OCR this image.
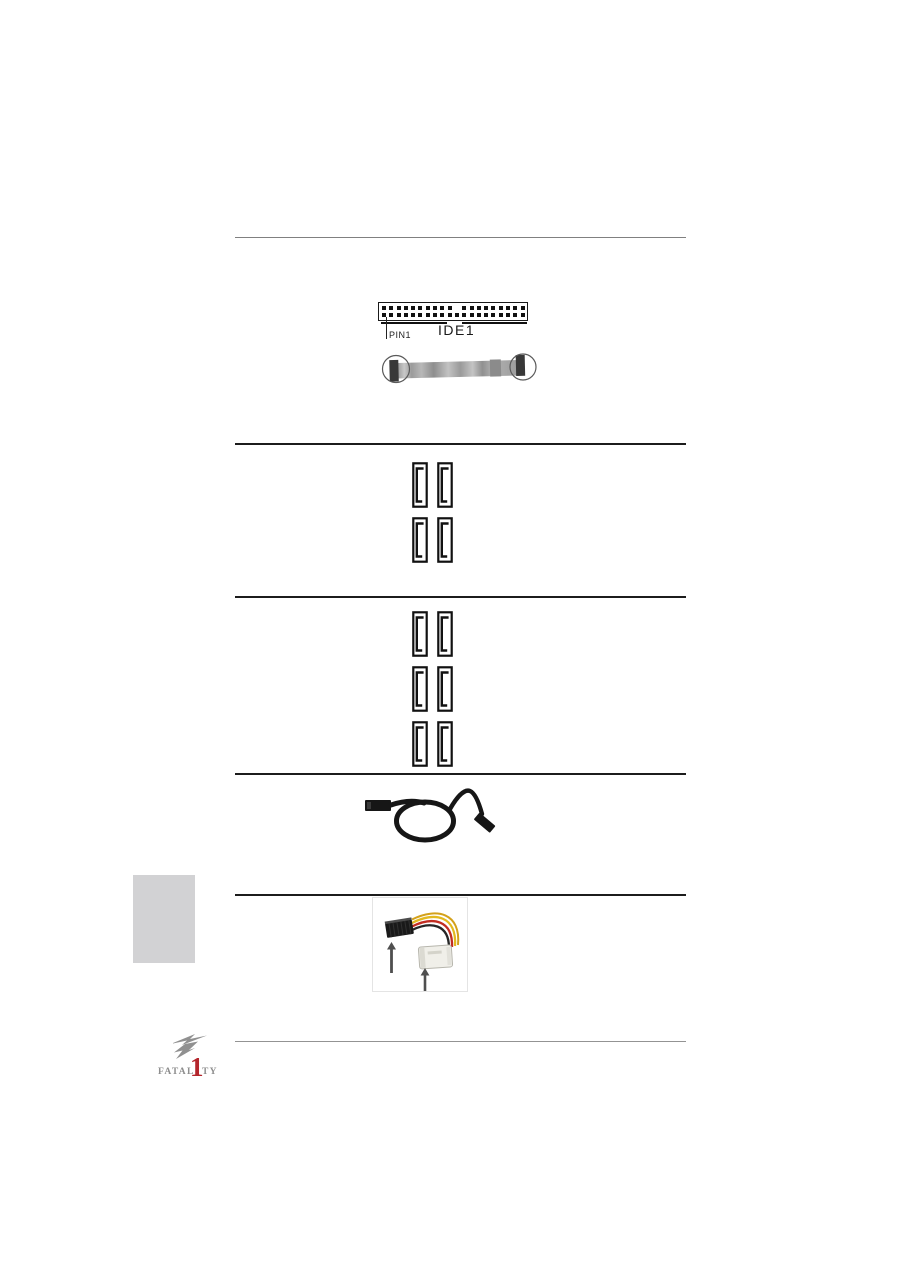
PIN1 IDE1
FATAL
1
TY
